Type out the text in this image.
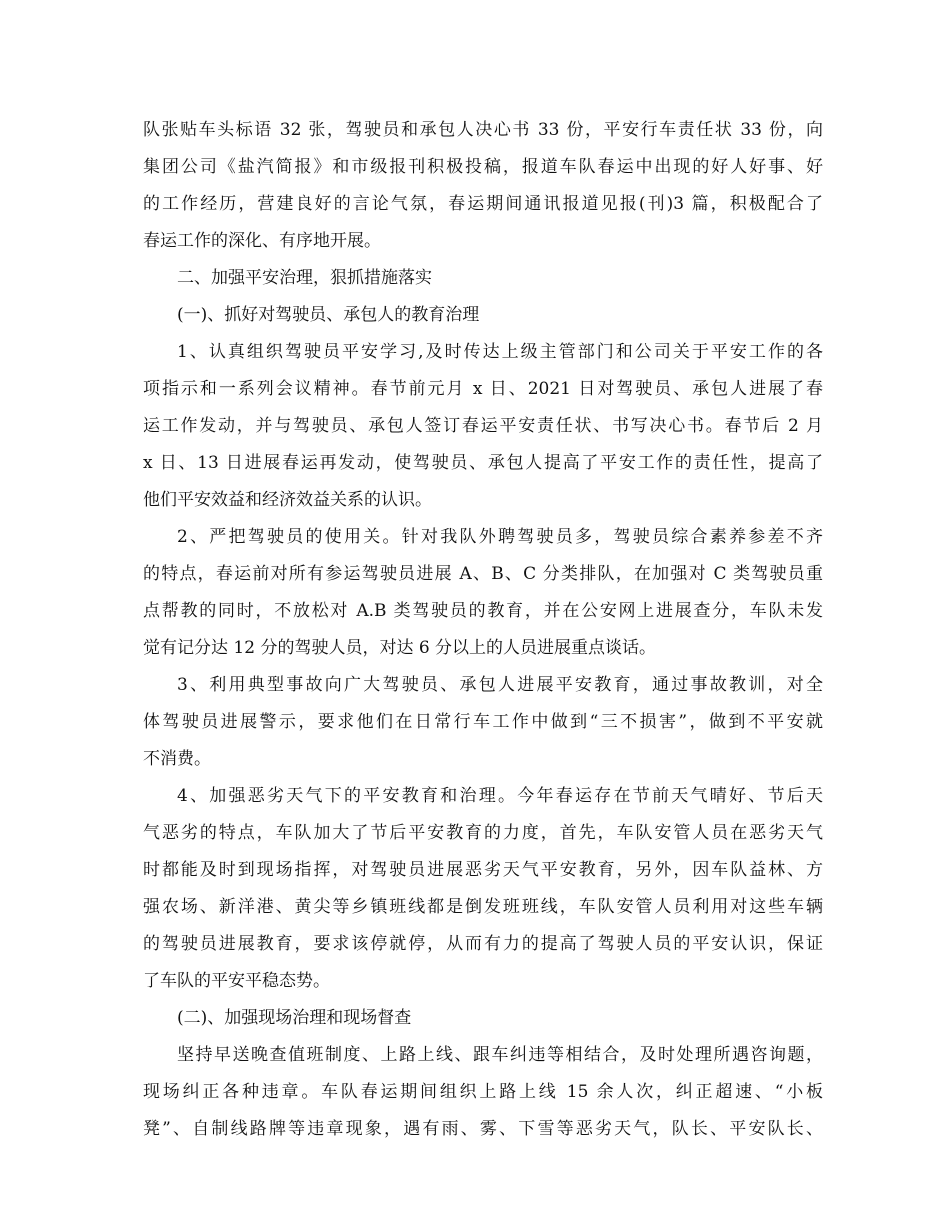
队张贴车头标语 32 张，驾驶员和承包人决心书 33 份，平安行车责任状 33 份，向
集团公司《盐汽简报》和市级报刊积极投稿，报道车队春运中出现的好人好事、好
的工作经历，营建良好的言论气氛，春运期间通讯报道见报(刊)3 篇，积极配合了
春运工作的深化、有序地开展。
二、加强平安治理，狠抓措施落实
(一)、抓好对驾驶员、承包人的教育治理
1、认真组织驾驶员平安学习,及时传达上级主管部门和公司关于平安工作的各
项指示和一系列会议精神。春节前元月 x 日、2021 日对驾驶员、承包人进展了春
运工作发动，并与驾驶员、承包人签订春运平安责任状、书写决心书。春节后 2 月
x 日、13 日进展春运再发动，使驾驶员、承包人提高了平安工作的责任性，提高了
他们平安效益和经济效益关系的认识。
2、严把驾驶员的使用关。针对我队外聘驾驶员多，驾驶员综合素养参差不齐
的特点，春运前对所有参运驾驶员进展 A、B、C 分类排队，在加强对 C 类驾驶员重
点帮教的同时，不放松对 A.B 类驾驶员的教育，并在公安网上进展查分，车队未发
觉有记分达 12 分的驾驶人员，对达 6 分以上的人员进展重点谈话。
3、利用典型事故向广大驾驶员、承包人进展平安教育，通过事故教训，对全
体驾驶员进展警示，要求他们在日常行车工作中做到“三不损害”，做到不平安就
不消费。
4、加强恶劣天气下的平安教育和治理。今年春运存在节前天气晴好、节后天
气恶劣的特点，车队加大了节后平安教育的力度，首先，车队安管人员在恶劣天气
时都能及时到现场指挥，对驾驶员进展恶劣天气平安教育，另外，因车队益林、方
强农场、新洋港、黄尖等乡镇班线都是倒发班班线，车队安管人员利用对这些车辆
的驾驶员进展教育，要求该停就停，从而有力的提高了驾驶人员的平安认识，保证
了车队的平安平稳态势。
(二)、加强现场治理和现场督查
坚持早送晚查值班制度、上路上线、跟车纠违等相结合，及时处理所遇咨询题，
现场纠正各种违章。车队春运期间组织上路上线 15 余人次，纠正超速、“小板
凳”、自制线路牌等违章现象，遇有雨、雾、下雪等恶劣天气，队长、平安队长、
